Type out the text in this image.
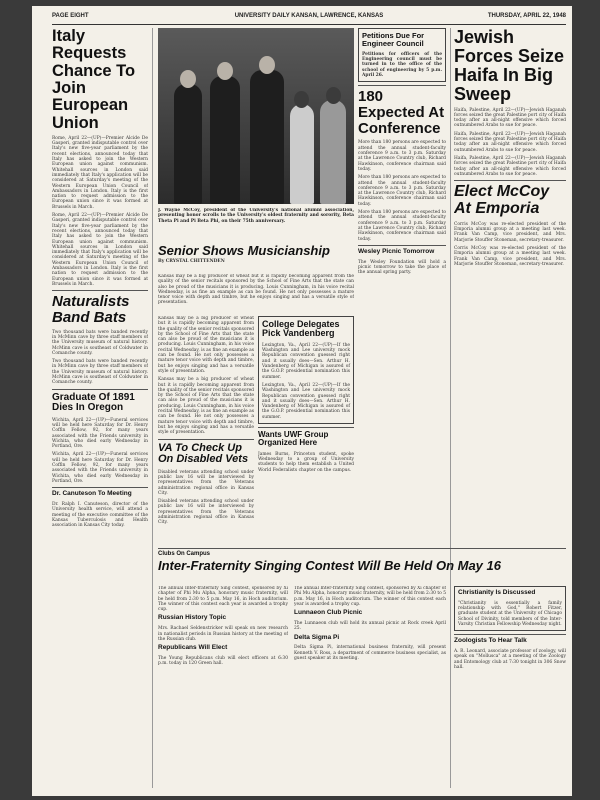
PAGE EIGHT	UNIVERSITY DAILY KANSAN, LAWRENCE, KANSAS	THURSDAY, APRIL 22, 1948
Italy Requests Chance To Join European Union

Rome, April 22—(UP)—Premier Alcide De Gasperi, granted indisputable control over Italy's new five-year parliament by the recent elections, announced today that Italy has asked to join the Western European union against communism. Whitehall sources in London said immediately that Italy's application will be considered at Saturday's meeting of the Western European Union Council of Ambassadors in London. Italy is the first nation to request admission to the European union since it was formed at Brussels in March.

Rome, April 22—(UP)—Premier Alcide De Gasperi, granted indisputable control over Italy's new five-year parliament by the recent elections, announced today that Italy has asked to join the Western European union against communism. Whitehall sources in London said immediately that Italy's application will be considered at Saturday's meeting of the Western European Union Council of Ambassadors in London. Italy is the first nation to request admission to the European union since it was formed at Brussels in March.

Naturalists Band Bats

Two thousand bats were banded recently in McMinn cave by three staff members of the University museum of natural history. McMinn cave is southeast of Coldwater in Comanche county.

Two thousand bats were banded recently in McMinn cave by three staff members of the University museum of natural history. McMinn cave is southeast of Coldwater in Comanche county.

Graduate Of 1891 Dies In Oregon

Wichita, April 22—(UP)—Funeral services will be held here Saturday for Dr. Henry Coffin Fellow, 92, for many years associated with the Friends university in Wichita, who died early Wednesday in Portland, Ore.

Wichita, April 22—(UP)—Funeral services will be held here Saturday for Dr. Henry Coffin Fellow, 92, for many years associated with the Friends university in Wichita, who died early Wednesday in Portland, Ore.

Dr. Canuteson To Meeting

Dr. Ralph I. Canuteson, director of the University health service, will attend a meeting of the executive committee of the Kansas Tuberculosis and Health association in Kansas City today.

J. Wayne McCoy, president of the University's national alumni association, presenting honor scrolls to the University's oldest fraternity and sorority, Beta Theta Pi and Pi Beta Phi, on their 75th anniversary.

Senior Shows Musicianship

By CRYSTAL CHITTENDEN

Kansas may be a big producer of wheat but it is rapidly becoming apparent from the quality of the senior recitals sponsored by the School of Fine Arts that the state can also be proud of the musicians it is producing. Louis Cunningham, in his voice recital Wednesday, is as fine an example as can be found. He not only possesses a mature tenor voice with depth and timbre, but he enjoys singing and has a versatile style of presentation.

Kansas may be a big producer of wheat but it is rapidly becoming apparent from the quality of the senior recitals sponsored by the School of Fine Arts that the state can also be proud of the musicians it is producing. Louis Cunningham, in his voice recital Wednesday, is as fine an example as can be found. He not only possesses a mature tenor voice with depth and timbre, but he enjoys singing and has a versatile style of presentation.

Kansas may be a big producer of wheat but it is rapidly becoming apparent from the quality of the senior recitals sponsored by the School of Fine Arts that the state can also be proud of the musicians it is producing. Louis Cunningham, in his voice recital Wednesday, is as fine an example as can be found. He not only possesses a mature tenor voice with depth and timbre, but he enjoys singing and has a versatile style of presentation.

VA To Check Up On Disabled Vets

Disabled veterans attending school under public law 16 will be interviewed by representatives from the Veterans administration regional office in Kansas City.

Disabled veterans attending school under public law 16 will be interviewed by representatives from the Veterans administration regional office in Kansas City.

College Delegates Pick Vandenberg

Lexington, Va., April 22—(UP)—If the Washington and Lee university mock Republican convention guessed right and it usually does—Sen. Arthur H. Vandenberg of Michigan is assured of the G.O.P. presidential nomination this summer.

Lexington, Va., April 22—(UP)—If the Washington and Lee university mock Republican convention guessed right and it usually does—Sen. Arthur H. Vandenberg of Michigan is assured of the G.O.P. presidential nomination this summer.

Wants UWF Group Organized Here

James Burns, Princeton student, spoke Wednesday to a group of University students to help them establish a United World Federalists chapter on the campus.

Petitions Due For Engineer Council

Petitions for officers of the Engineering council must be turned in to the office of the school of engineering by 5 p.m. April 26.

180 Expected At Conference

More than 180 persons are expected to attend the annual student-faculty conference 9 a.m. to 3 p.m. Saturday at the Lawrence Country club, Richard Hawkinson, conference chairman said today.

More than 180 persons are expected to attend the annual student-faculty conference 9 a.m. to 3 p.m. Saturday at the Lawrence Country club, Richard Hawkinson, conference chairman said today.

More than 180 persons are expected to attend the annual student-faculty conference 9 a.m. to 3 p.m. Saturday at the Lawrence Country club, Richard Hawkinson, conference chairman said today.

Wesley Picnic Tomorrow

The Wesley Foundation will hold a picnic tomorrow to take the place of the annual spring party.

Jewish Forces Seize Haifa In Big Sweep

Haifa, Palestine, April 22—(UP)—Jewish Haganah forces seized the great Palestine port city of Haifa today after an all-night offensive which forced outnumbered Arabs to sue for peace.

Haifa, Palestine, April 22—(UP)—Jewish Haganah forces seized the great Palestine port city of Haifa today after an all-night offensive which forced outnumbered Arabs to sue for peace.

Haifa, Palestine, April 22—(UP)—Jewish Haganah forces seized the great Palestine port city of Haifa today after an all-night offensive which forced outnumbered Arabs to sue for peace.

Elect McCoy At Emporia

Corris McCoy was re-elected president of the Emporia alumni group at a meeting last week. Frank Van Camp, vice president, and Mrs. Marjorie Stouffer Stoneman, secretary-treasurer.

Corris McCoy was re-elected president of the Emporia alumni group at a meeting last week. Frank Van Camp, vice president, and Mrs. Marjorie Stouffer Stoneman, secretary-treasurer.

Clubs On Campus
Inter-Fraternity Singing Contest Will Be Held On May 16

The annual Inter-fraternity Sing contest, sponsored by Xi chapter of Phi Mu Alpha, honorary music fraternity, will be held from 2:30 to 5 p.m. May 16, in Hoch auditorium. The winner of this contest each year is awarded a trophy cup.

Russian History Topic

Mrs. Rachael Seldenstricker will speak on new research in nationalist periods in Russian history at the meeting of the Russian club.

Republicans Will Elect

The Young Republicans club will elect officers at 6:30 p.m. today in 120 Green hall.

The annual Inter-fraternity Sing contest, sponsored by Xi chapter of Phi Mu Alpha, honorary music fraternity, will be held from 2:30 to 5 p.m. May 16, in Hoch auditorium. The winner of this contest each year is awarded a trophy cup.

Lunnaeon Club Picnic

The Lunnaeon club will hold its annual picnic at Rock creek April 25.

Delta Sigma Pi

Delta Sigma Pi, international business fraternity, will present Kenneth V. Ross, a department of commerce business specialist, as guest speaker at its meeting.

Christianity Is Discussed

"Christianity is essentially a family relationship with God," Robert Fitzer, graduate student at the University of Chicago School of Divinity, told members of the Inter-Varsity Christian Fellowship Wednesday night.

Zoologists To Hear Talk

A. R. Leonard, associate professor of zoology, will speak on "Mollusca" at a meeting of the Zoology and Entomology club at 7:30 tonight in 306 Snow hall.
